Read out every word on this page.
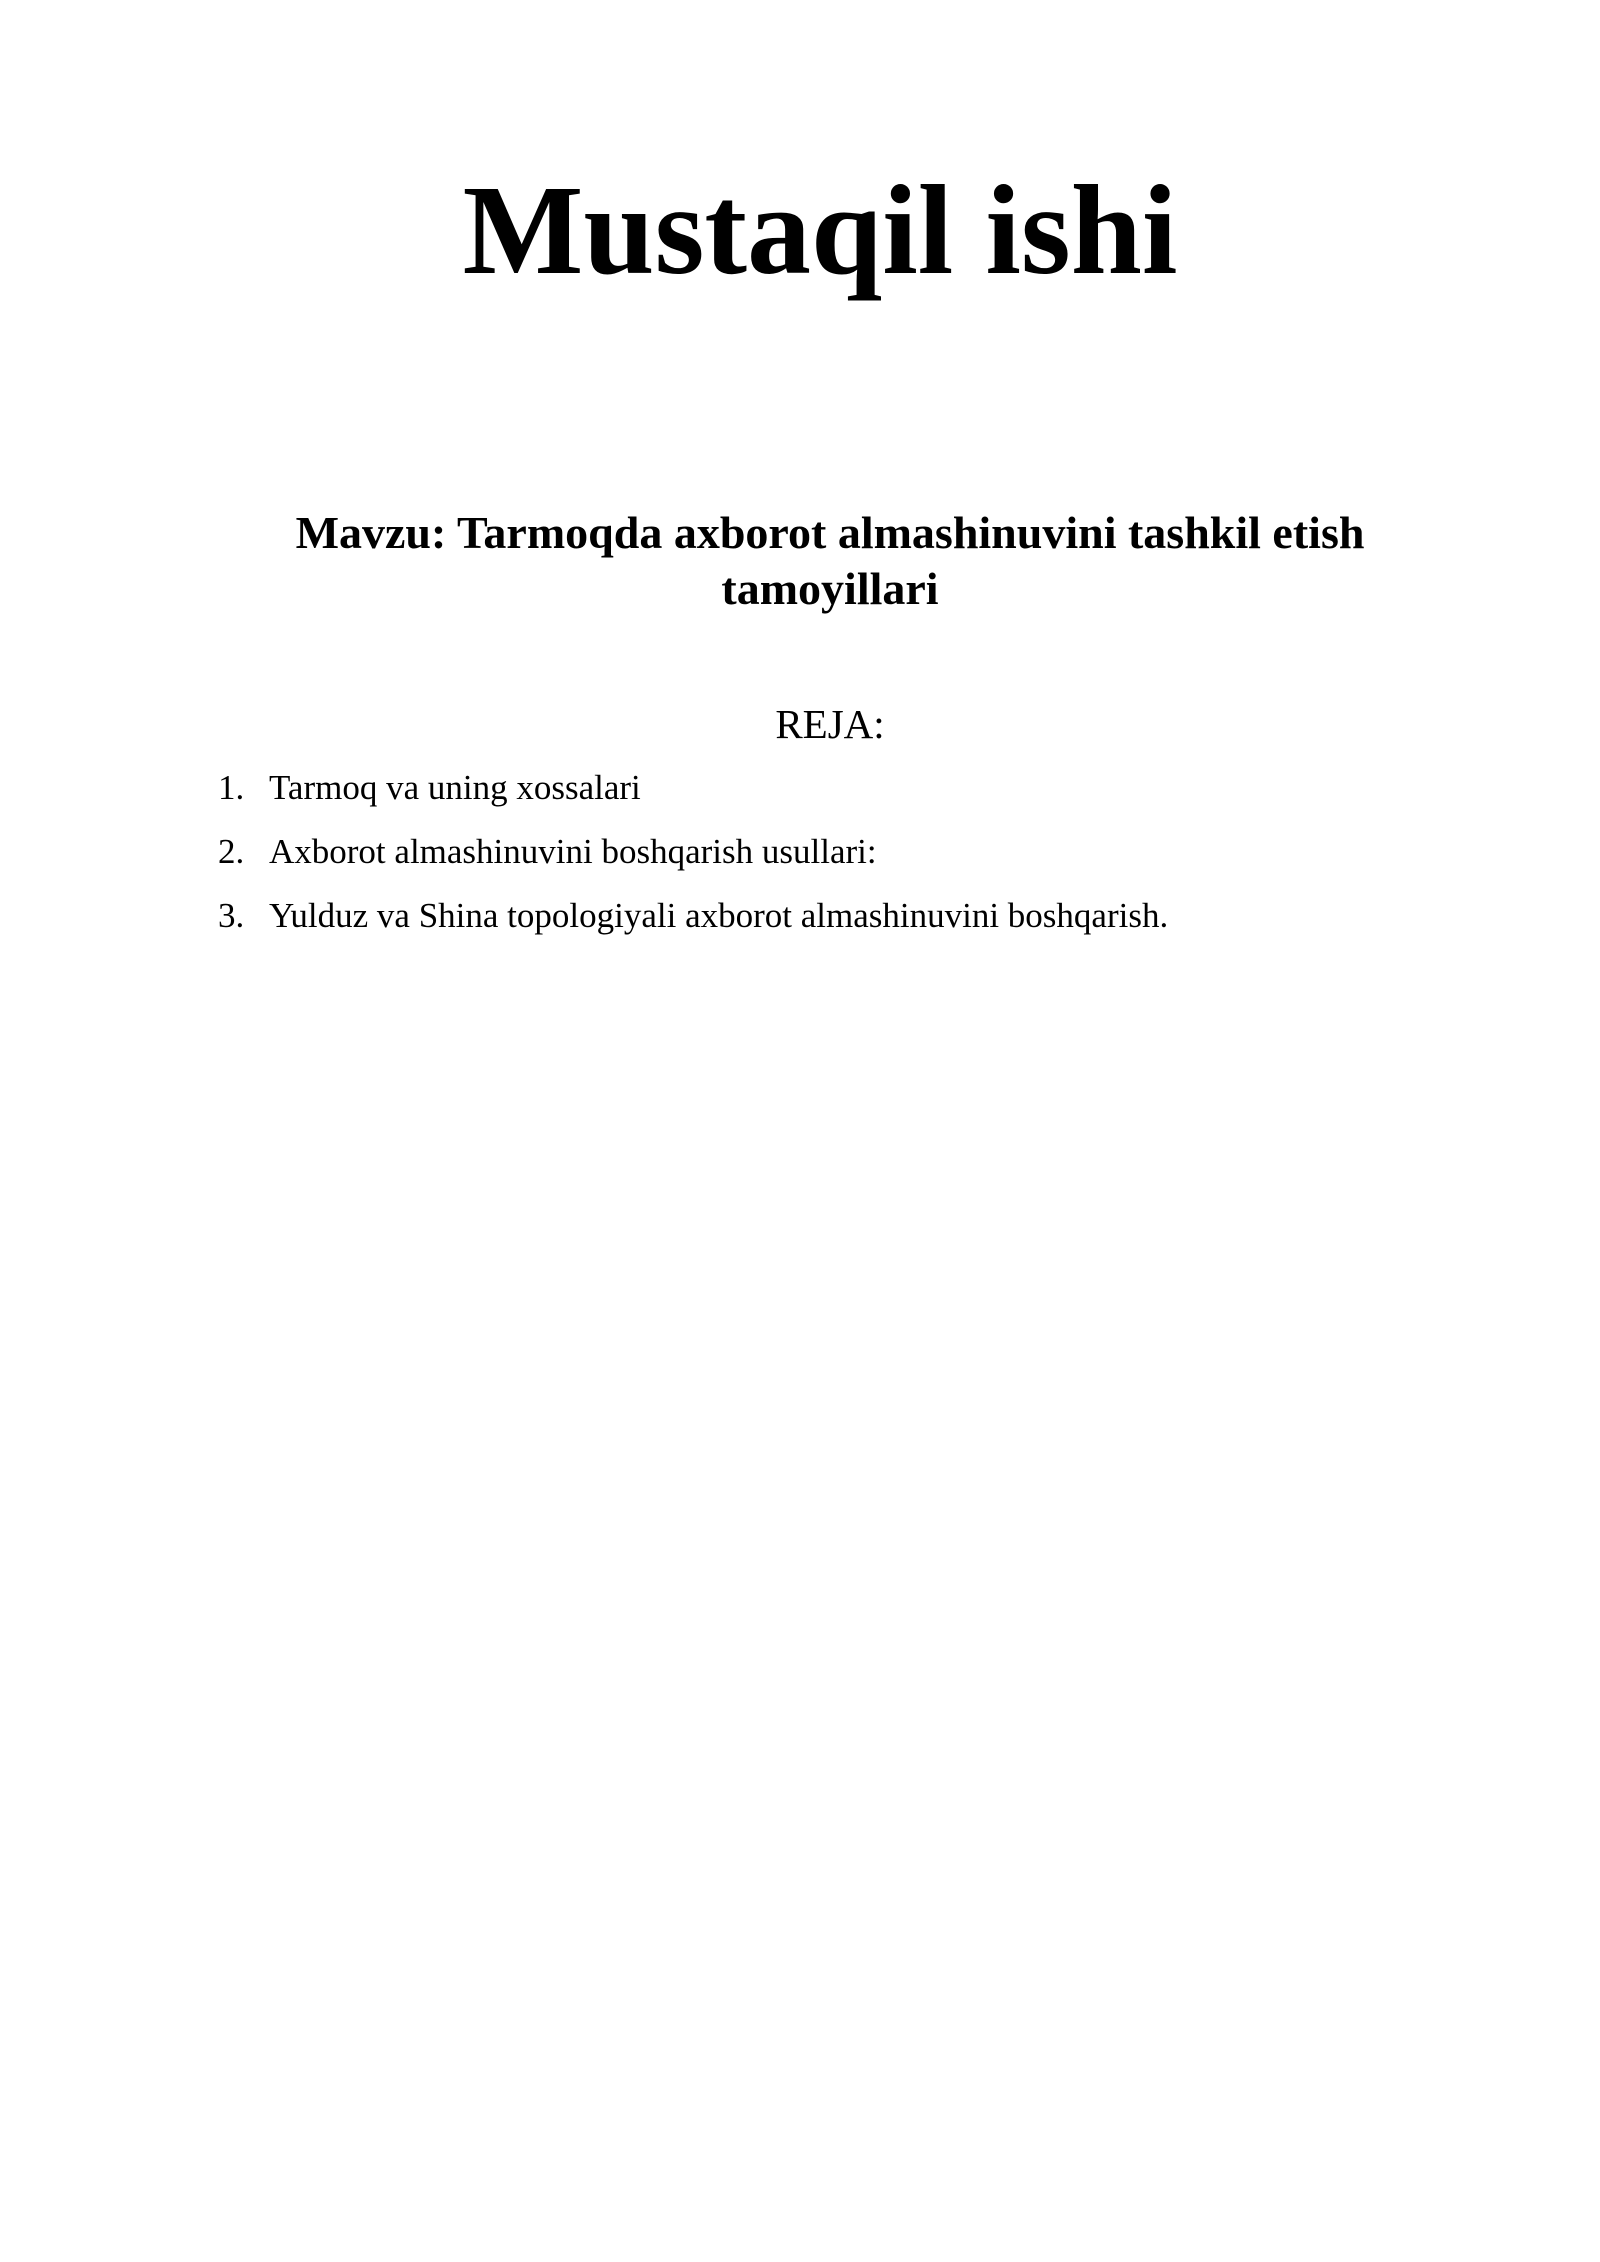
Mustaqil ishi
Mavzu: Tarmoqda axborot almashinuvini tashkil etish tamoyillari
REJA:
1. Tarmoq va uning xossalari
2. Axborot almashinuvini boshqarish usullari:
3. Yulduz va Shina topologiyali axborot almashinuvini boshqarish.
